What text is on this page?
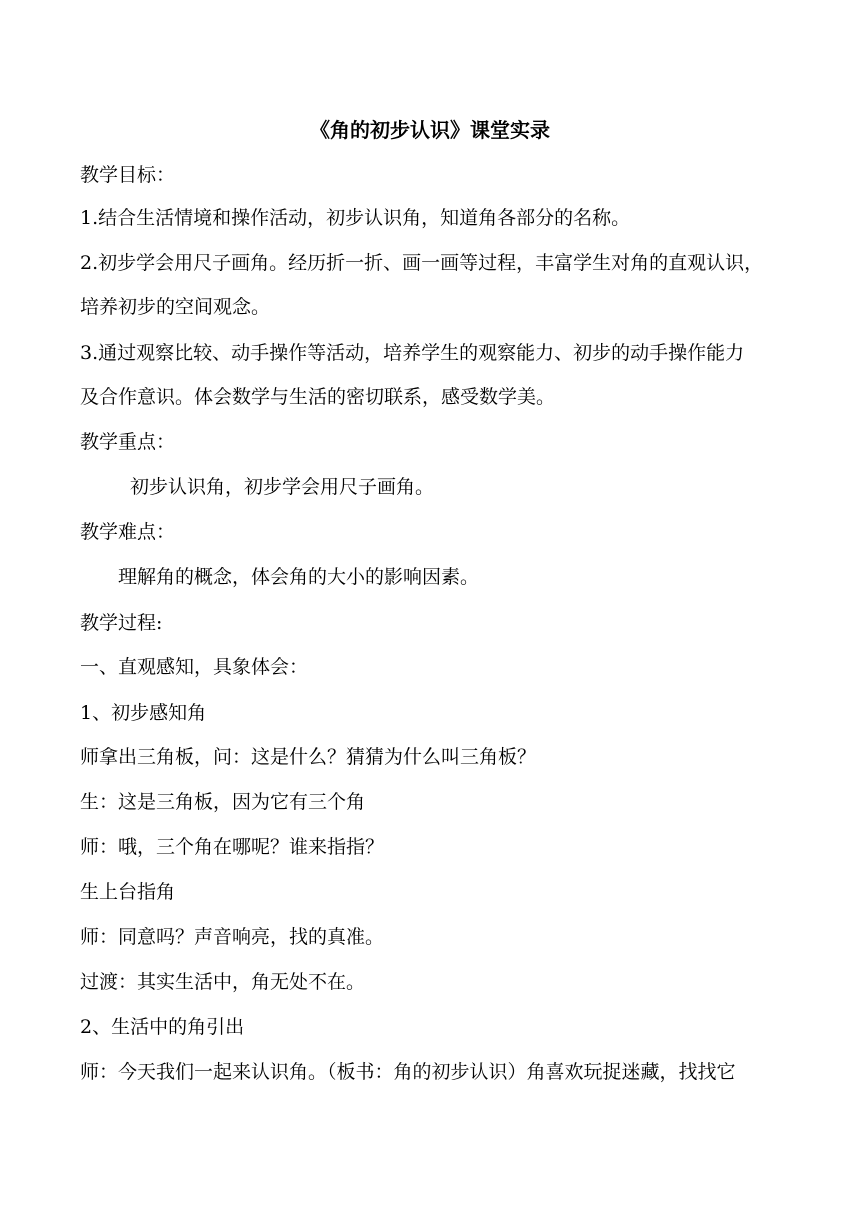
《角的初步认识》课堂实录
教学目标：
1.结合生活情境和操作活动，初步认识角，知道角各部分的名称。
2.初步学会用尺子画角。经历折一折、画一画等过程，丰富学生对角的直观认识，
培养初步的空间观念。
3.通过观察比较、动手操作等活动，培养学生的观察能力、初步的动手操作能力
及合作意识。体会数学与生活的密切联系，感受数学美。
教学重点：
初步认识角，初步学会用尺子画角。
教学难点：
理解角的概念，体会角的大小的影响因素。
教学过程:
一、直观感知，具象体会：
1、初步感知角
师拿出三角板，问：这是什么？猜猜为什么叫三角板？
生：这是三角板，因为它有三个角
师：哦，三个角在哪呢？谁来指指？
生上台指角
师：同意吗？声音响亮，找的真准。
过渡：其实生活中，角无处不在。
2、生活中的角引出
师：今天我们一起来认识角。（板书：角的初步认识）角喜欢玩捉迷藏，找找它
